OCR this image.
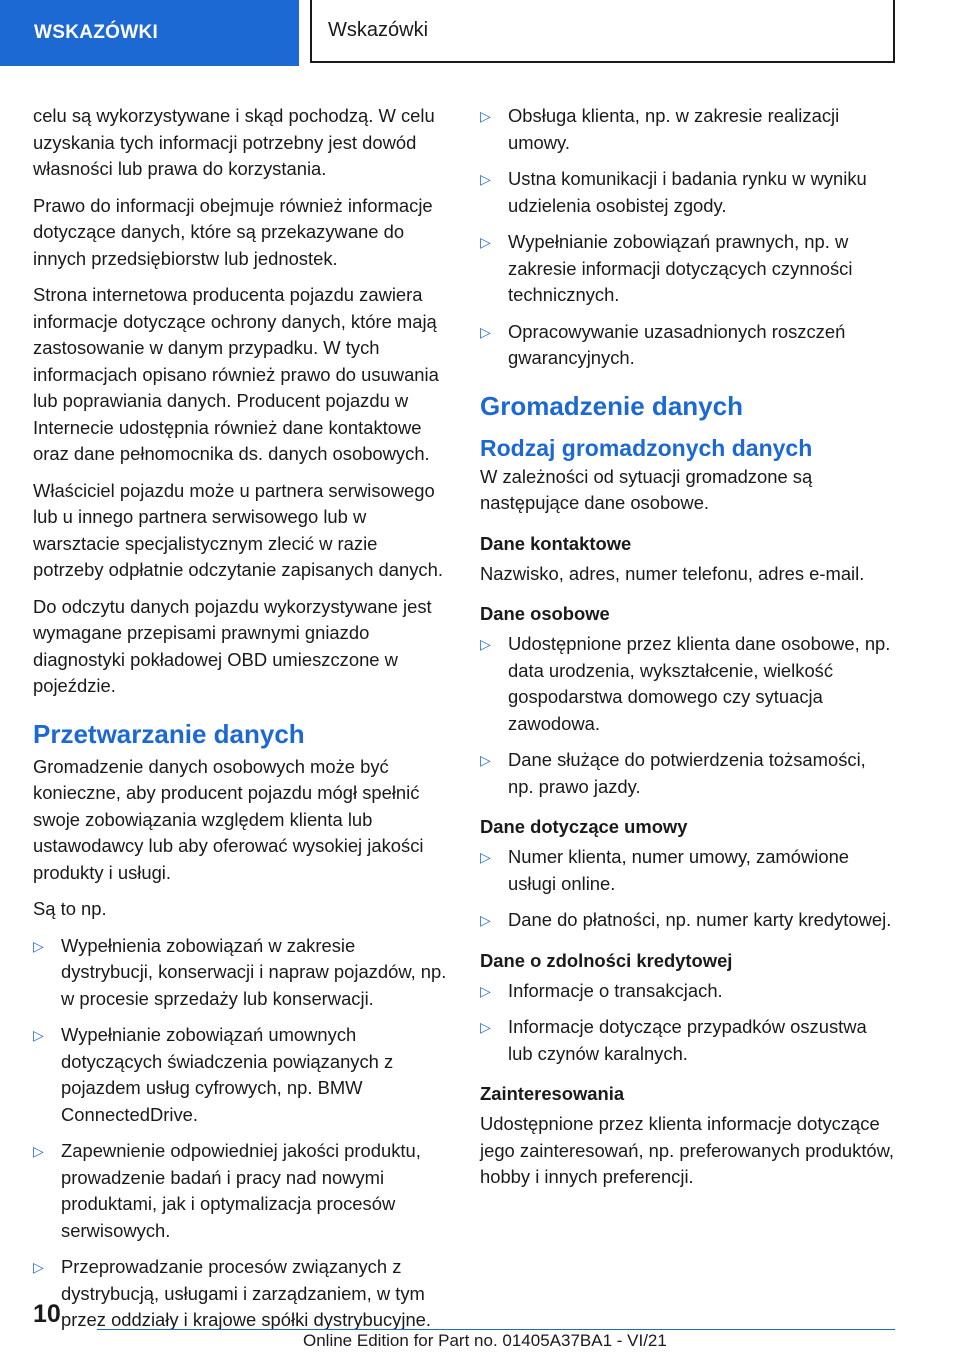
WSKAZÓWKI	Wskazówki

celu są wykorzystywane i skąd pochodzą. W celu uzyskania tych informacji potrzebny jest dowód własności lub prawa do korzystania.

Prawo do informacji obejmuje również informacje dotyczące danych, które są przekazywane do innych przedsiębiorstw lub jednostek.

Strona internetowa producenta pojazdu zawiera informacje dotyczące ochrony danych, które mają zastosowanie w danym przypadku. W tych informacjach opisano również prawo do usuwania lub poprawiania danych. Producent pojazdu w Internecie udostępnia również dane kontaktowe oraz dane pełnomocnika ds. danych osobowych.

Właściciel pojazdu może u partnera serwisowego lub u innego partnera serwisowego lub w warsztacie specjalistycznym zlecić w razie potrzeby odpłatnie odczytanie zapisanych danych.

Do odczytu danych pojazdu wykorzystywane jest wymagane przepisami prawnymi gniazdo diagnostyki pokładowej OBD umieszczone w pojeździe.

Przetwarzanie danych

Gromadzenie danych osobowych może być konieczne, aby producent pojazdu mógł spełnić swoje zobowiązania względem klienta lub ustawodawcy lub aby oferować wysokiej jakości produkty i usługi.

Są to np.

▷ Wypełnienia zobowiązań w zakresie dystrybucji, konserwacji i napraw pojazdów, np. w procesie sprzedaży lub konserwacji.
▷ Wypełnianie zobowiązań umownych dotyczących świadczenia powiązanych z pojazdem usług cyfrowych, np. BMW ConnectedDrive.
▷ Zapewnienie odpowiedniej jakości produktu, prowadzenie badań i pracy nad nowymi produktami, jak i optymalizacja procesów serwisowych.
▷ Przeprowadzanie procesów związanych z dystrybucją, usługami i zarządzaniem, w tym przez oddziały i krajowe spółki dystrybucyjne.
▷ Obsługa klienta, np. w zakresie realizacji umowy.
▷ Ustna komunikacji i badania rynku w wyniku udzielenia osobistej zgody.
▷ Wypełnianie zobowiązań prawnych, np. w zakresie informacji dotyczących czynności technicznych.
▷ Opracowywanie uzasadnionych roszczeń gwarancyjnych.
Gromadzenie danych
Rodzaj gromadzonych danych

W zależności od sytuacji gromadzone są następujące dane osobowe.

Dane kontaktowe

Nazwisko, adres, numer telefonu, adres e-mail.

Dane osobowe
▷ Udostępnione przez klienta dane osobowe, np. data urodzenia, wykształcenie, wielkość gospodarstwa domowego czy sytuacja zawodowa.
▷ Dane służące do potwierdzenia tożsamości, np. prawo jazdy.
Dane dotyczące umowy
▷ Numer klienta, numer umowy, zamówione usługi online.
▷ Dane do płatności, np. numer karty kredytowej.
Dane o zdolności kredytowej
▷ Informacje o transakcjach.
▷ Informacje dotyczące przypadków oszustwa lub czynów karalnych.
Zainteresowania

Udostępnione przez klienta informacje dotyczące jego zainteresowań, np. preferowanych produktów, hobby i innych preferencji.

10
Online Edition for Part no. 01405A37BA1 - VI/21
